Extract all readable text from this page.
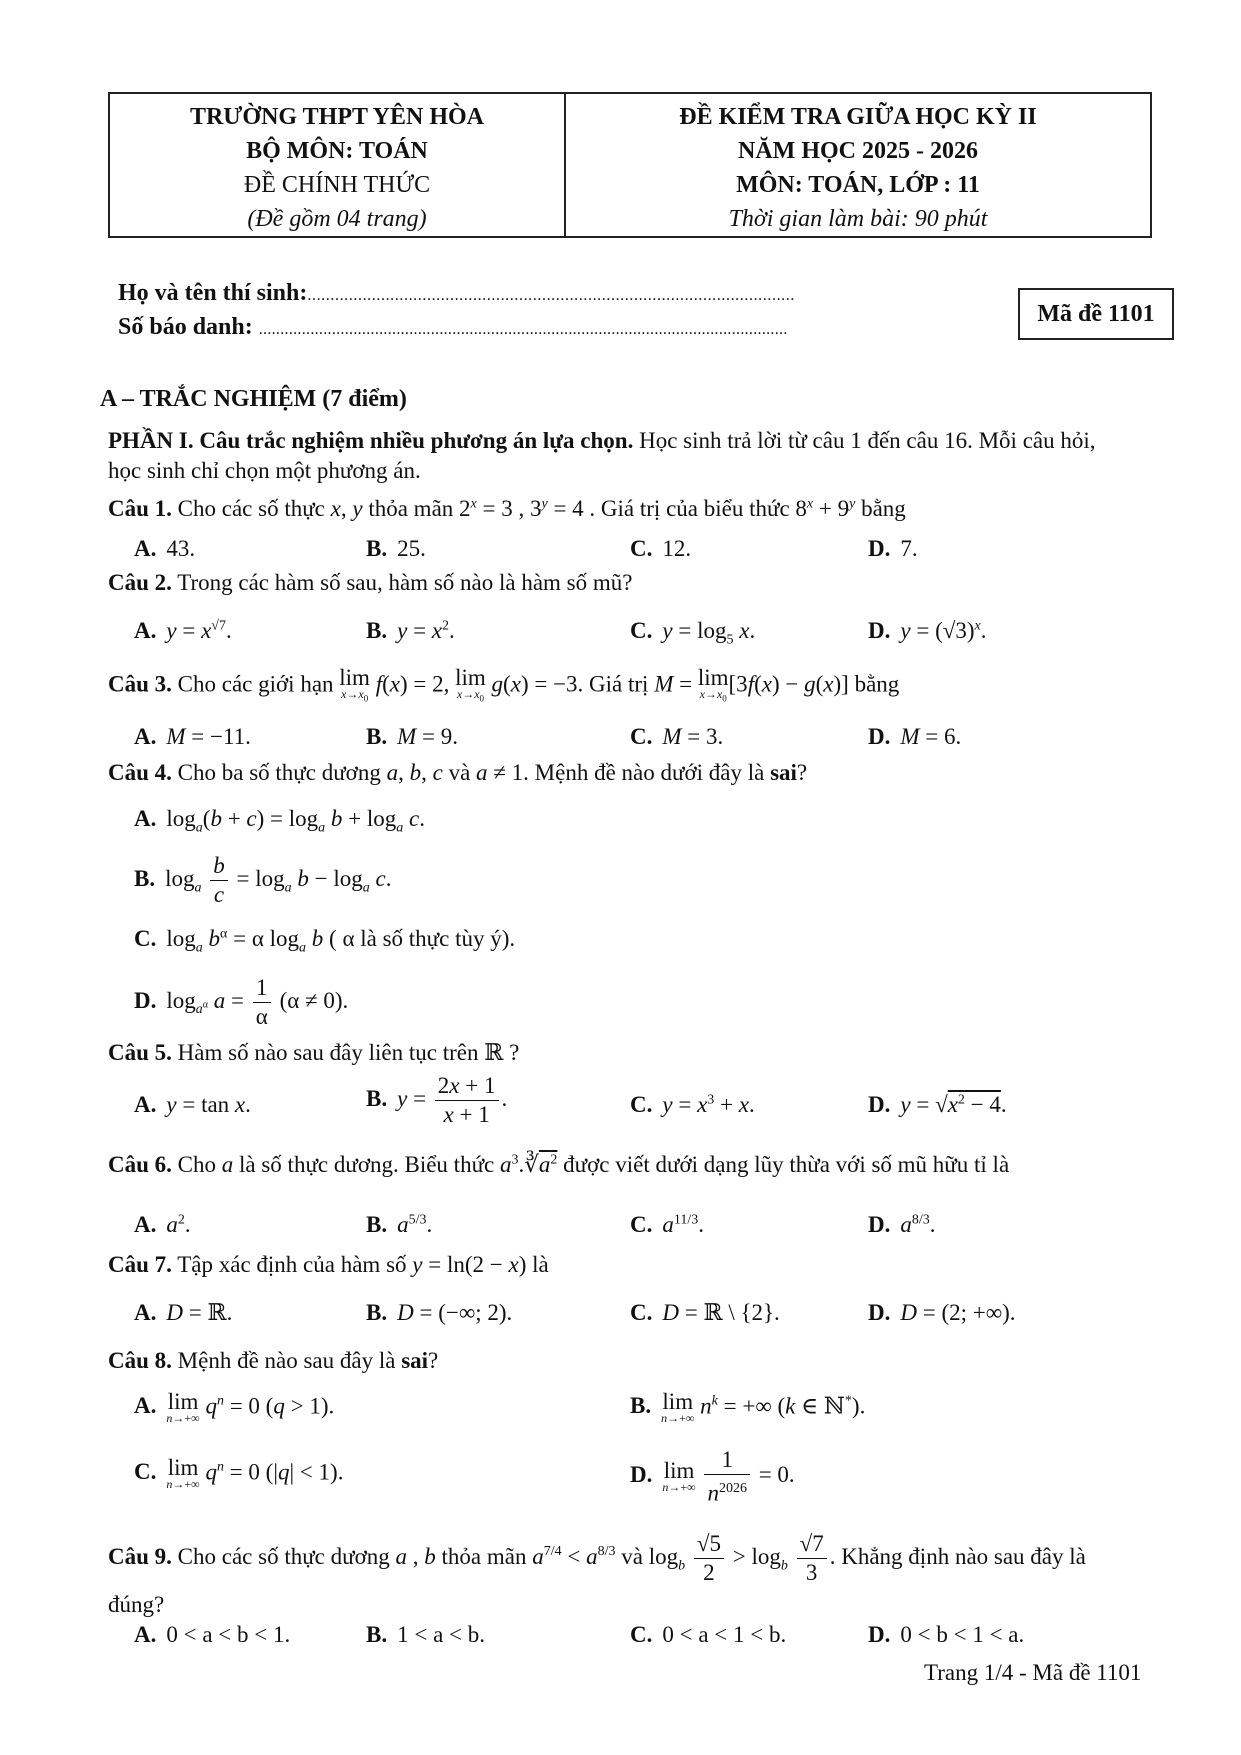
TRƯỜNG THPT YÊN HÒA
BỘ MÔN: TOÁN
ĐỀ CHÍNH THỨC
(Đề gồm 04 trang)
ĐỀ KIỂM TRA GIỮA HỌC KỲ II
NĂM HỌC 2025 - 2026
MÔN: TOÁN, LỚP : 11
Thời gian làm bài: 90 phút
Họ và tên thí sinh:..........................................................................................................
Số báo danh: ...........................................................................................................................
Mã đề 1101
A – TRẮC NGHIỆM (7 điểm)
PHẦN I. Câu trắc nghiệm nhiều phương án lựa chọn. Học sinh trả lời từ câu 1 đến câu 16. Mỗi câu hỏi,
học sinh chỉ chọn một phương án.
Câu 1. Cho các số thực x, y thỏa mãn $2^x = 3$ , $3^y = 4$ . Giá trị của biểu thức $8^x + 9^y$ bằng
A. 43.	B. 25.	C. 12.	D. 7.
Câu 2. Trong các hàm số sau, hàm số nào là hàm số mũ?
A. $y = x^{√7}$.	B. $y = x^2$.	C. $y = \log_5 x$.	D. $y = (√3)^x$.
Câu 3. Cho các giới hạn lim
$x\to x_0$
f(x) = 2, lim
$x\to x_0$
g(x) = −3. Giá trị M = lim
$x\to x_0$
[3f(x) − g(x)] bằng
A. M = −11.	B. M = 9.	C. M = 3.	D. M = 6.
Câu 4. Cho ba số thực dương a, b, c và a ≠ 1. Mệnh đề nào dưới đây là sai?
A. $\log_a(b + c) = \log_a b + \log_a c$.
B. $\log_a \frac{b}{c} = \log_a b - \log_a c$.
C. $\log_a b^\alpha = \alpha$ $\log_a b$ ( α là số thực tùy ý).
D. $\log_{a^\alpha} a = \frac{1}{\alpha} (\alpha \ne 0)$.
Câu 5. Hàm số nào sau đây liên tục trên ℝ ?
A. y = tan x.	B. $y = \frac{2x + 1}{x + 1}$ .	C. $y = x^3 + x$.	D. $y = √x^2 - 4$.
Câu 6. Cho a là số thực dương. Biểu thức $a^3.∛a^2$ được viết dưới dạng lũy thừa với số mũ hữu tỉ là
A. $a^2$.	B. $a^{5/3}$.	C. $a^{11/3}$.	D. $a^{8/3}$.
Câu 7. Tập xác định của hàm số y = ln(2 − x) là
A. D = ℝ.	B. D = (−∞; 2).	C. D = ℝ \ {2}.	D. D = (2; +∞).
Câu 8. Mệnh đề nào sau đây là sai?
A. lim
n→+∞ $q^n = 0$ (q > 1).	B. lim
n→+∞ $n^k$ = +∞ (k ∈ ℕ*).
C. lim
n→+∞ $q^n = 0$ (|q| < 1).	D. lim
n→+∞
$\frac{1}{n^{2026}} = 0$.
Câu 9. Cho các số thực dương a , b thỏa mãn $a^{7/4} < a^{8/3}$ và $\log_b \frac{√5}{2} > \log_b \frac{√7}{3}$ . Khẳng định nào sau đây là
đúng?
A. 0 < a < b < 1.	B. 1 < a < b.	C. 0 < a < 1 < b.	D. 0 < b < 1 < a.
Trang 1/4 - Mã đề 1101
